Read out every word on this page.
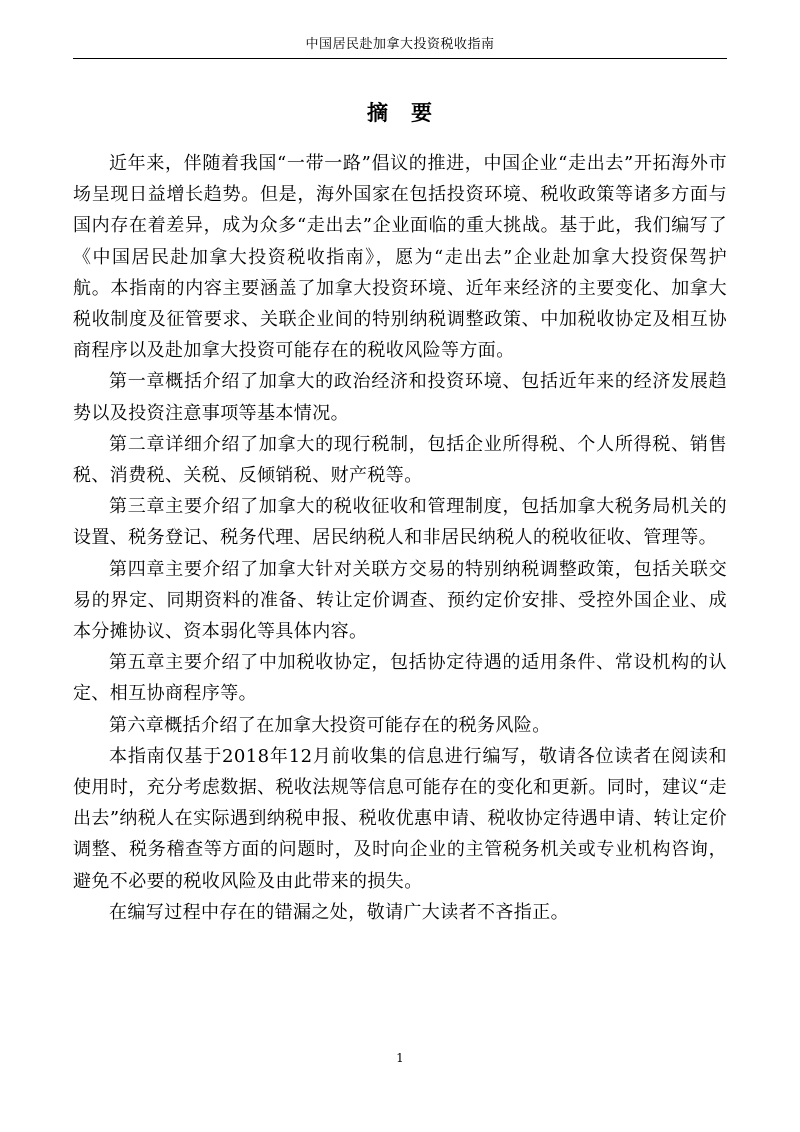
中国居民赴加拿大投资税收指南
摘　要

近年来，伴随着我国“一带一路”倡议的推进，中国企业“走出去”开拓海外市场呈现日益增长趋势。但是，海外国家在包括投资环境、税收政策等诸多方面与国内存在着差异，成为众多“走出去”企业面临的重大挑战。基于此，我们编写了《中国居民赴加拿大投资税收指南》，愿为“走出去”企业赴加拿大投资保驾护航。本指南的内容主要涵盖了加拿大投资环境、近年来经济的主要变化、加拿大税收制度及征管要求、关联企业间的特别纳税调整政策、中加税收协定及相互协商程序以及赴加拿大投资可能存在的税收风险等方面。

第一章概括介绍了加拿大的政治经济和投资环境、包括近年来的经济发展趋势以及投资注意事项等基本情况。

第二章详细介绍了加拿大的现行税制，包括企业所得税、个人所得税、销售税、消费税、关税、反倾销税、财产税等。

第三章主要介绍了加拿大的税收征收和管理制度，包括加拿大税务局机关的设置、税务登记、税务代理、居民纳税人和非居民纳税人的税收征收、管理等。

第四章主要介绍了加拿大针对关联方交易的特别纳税调整政策，包括关联交易的界定、同期资料的准备、转让定价调查、预约定价安排、受控外国企业、成本分摊协议、资本弱化等具体内容。

第五章主要介绍了中加税收协定，包括协定待遇的适用条件、常设机构的认定、相互协商程序等。

第六章概括介绍了在加拿大投资可能存在的税务风险。

本指南仅基于2018年12月前收集的信息进行编写，敬请各位读者在阅读和使用时，充分考虑数据、税收法规等信息可能存在的变化和更新。同时，建议“走出去”纳税人在实际遇到纳税申报、税收优惠申请、税收协定待遇申请、转让定价调整、税务稽查等方面的问题时，及时向企业的主管税务机关或专业机构咨询，避免不必要的税收风险及由此带来的损失。

在编写过程中存在的错漏之处，敬请广大读者不吝指正。

1
